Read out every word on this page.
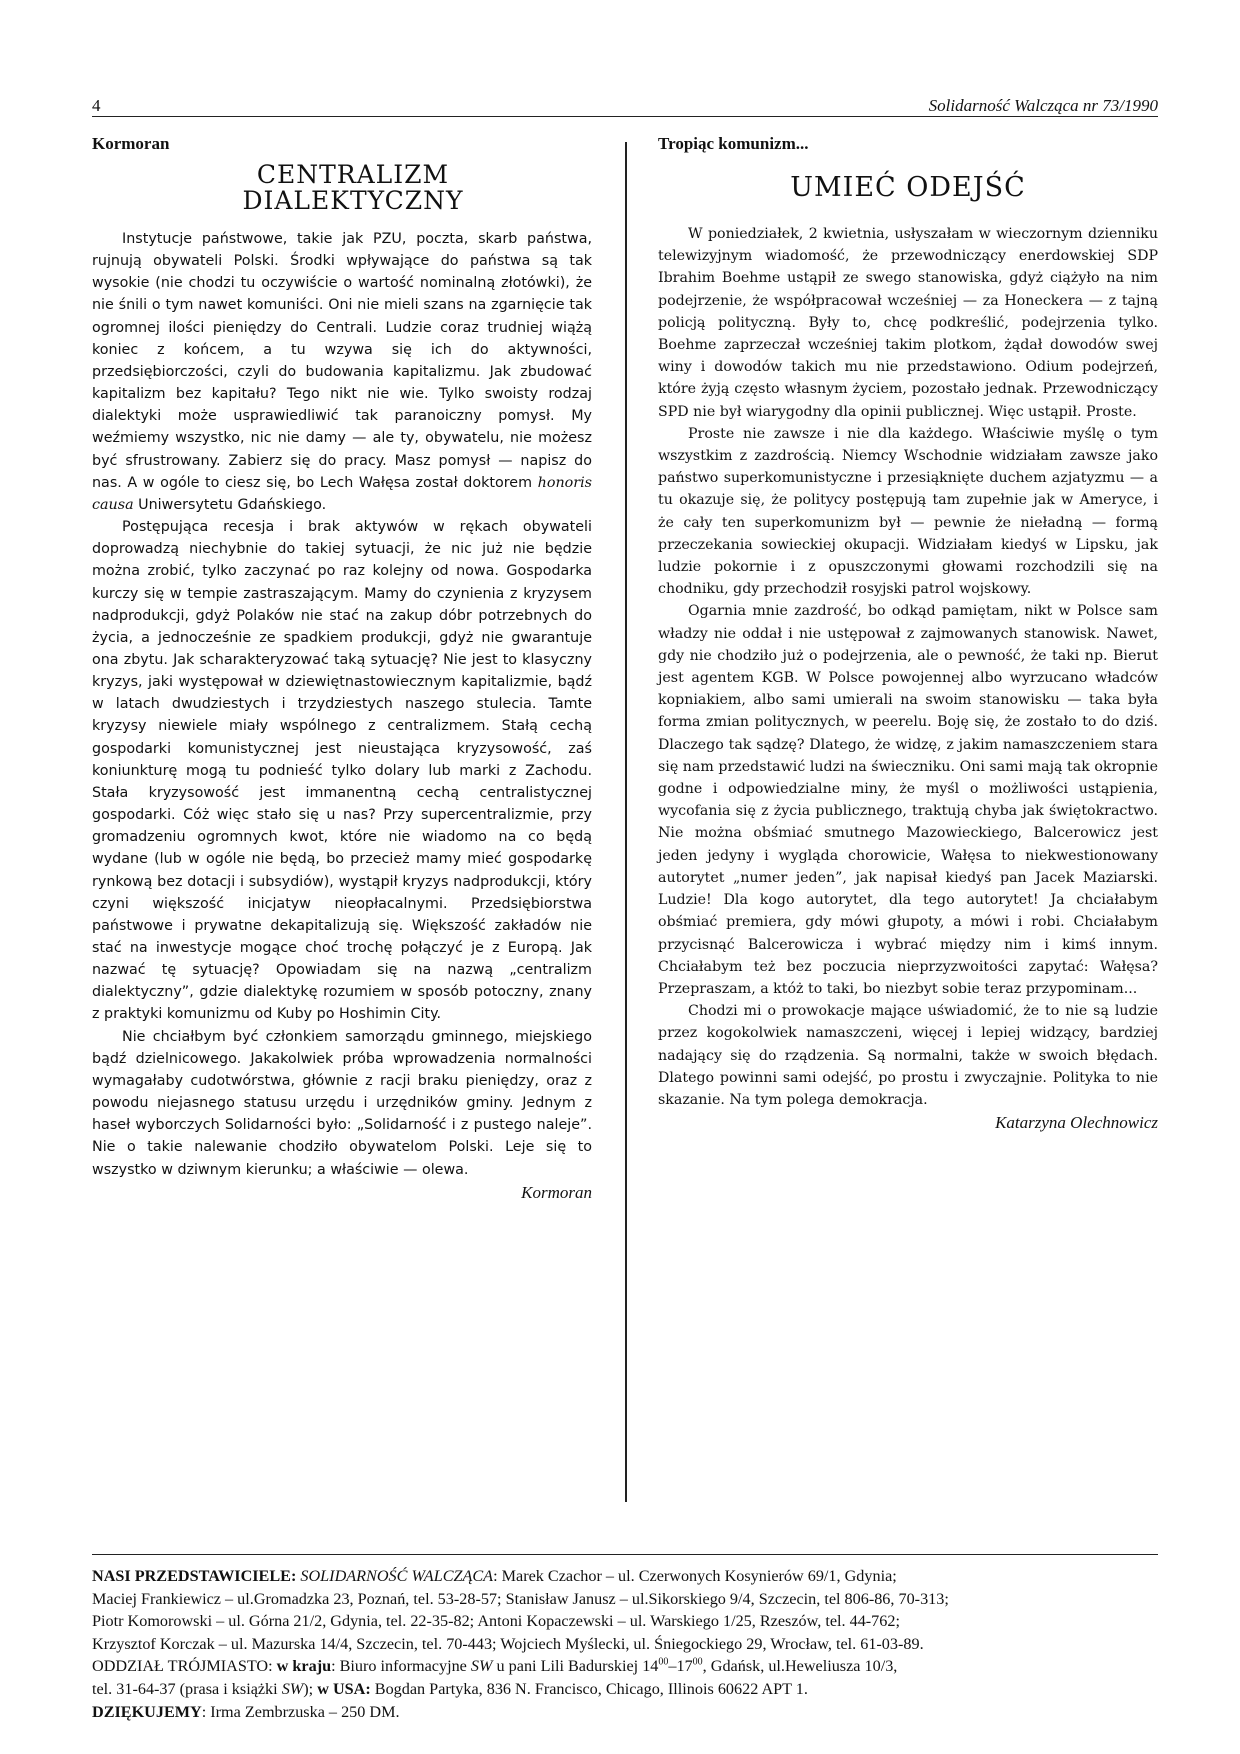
4	Solidarność Walcząca nr 73/1990
Kormoran
CENTRALIZM
DIALEKTYCZNY

Instytucje państwowe, takie jak PZU, poczta, skarb państwa, rujnują obywateli Polski. Środki wpływające do państwa są tak wysokie (nie chodzi tu oczywiście o wartość nominalną złotówki), że nie śnili o tym nawet komuniści. Oni nie mieli szans na zgarnięcie tak ogromnej ilości pieniędzy do Centrali. Ludzie coraz trudniej wiążą koniec z końcem, a tu wzywa się ich do aktywności, przedsiębiorczości, czyli do budowania kapitalizmu. Jak zbudować kapitalizm bez kapitału? Tego nikt nie wie. Tylko swoisty rodzaj dialektyki może usprawiedliwić tak paranoiczny pomysł. My weźmiemy wszystko, nic nie damy — ale ty, obywatelu, nie możesz być sfrustrowany. Zabierz się do pracy. Masz pomysł — napisz do nas. A w ogóle to ciesz się, bo Lech Wałęsa został doktorem honoris causa Uniwersytetu Gdańskiego.

Postępująca recesja i brak aktywów w rękach obywateli doprowadzą niechybnie do takiej sytuacji, że nic już nie będzie można zrobić, tylko zaczynać po raz kolejny od nowa. Gospodarka kurczy się w tempie zastraszającym. Mamy do czynienia z kryzysem nadprodukcji, gdyż Polaków nie stać na zakup dóbr potrzebnych do życia, a jednocześnie ze spadkiem produkcji, gdyż nie gwarantuje ona zbytu. Jak scharakteryzować taką sytuację? Nie jest to klasyczny kryzys, jaki występował w dziewiętnastowiecznym kapitalizmie, bądź w latach dwudziestych i trzydziestych naszego stulecia. Tamte kryzysy niewiele miały wspólnego z centralizmem. Stałą cechą gospodarki komunistycznej jest nieustająca kryzysowość, zaś koniunkturę mogą tu podnieść tylko dolary lub marki z Zachodu. Stała kryzysowość jest immanentną cechą centralistycznej gospodarki. Cóż więc stało się u nas? Przy supercentralizmie, przy gromadzeniu ogromnych kwot, które nie wiadomo na co będą wydane (lub w ogóle nie będą, bo przecież mamy mieć gospodarkę rynkową bez dotacji i subsydiów), wystąpił kryzys nadprodukcji, który czyni większość inicjatyw nieopłacalnymi. Przedsiębiorstwa państwowe i prywatne dekapitalizują się. Większość zakładów nie stać na inwestycje mogące choć trochę połączyć je z Europą. Jak nazwać tę sytuację? Opowiadam się na nazwą „centralizm dialektyczny”, gdzie dialektykę rozumiem w sposób potoczny, znany z praktyki komunizmu od Kuby po Hoshimin City.

Nie chciałbym być członkiem samorządu gminnego, miejskiego bądź dzielnicowego. Jakakolwiek próba wprowadzenia normalności wymagałaby cudotwórstwa, głównie z racji braku pieniędzy, oraz z powodu niejasnego statusu urzędu i urzędników gminy. Jednym z haseł wyborczych Solidarności było: „Solidarność i z pustego naleje”. Nie o takie nalewanie chodziło obywatelom Polski. Leje się to wszystko w dziwnym kierunku; a właściwie — olewa.

Kormoran
Tropiąc komunizm...
UMIEĆ ODEJŚĆ

W poniedziałek, 2 kwietnia, usłyszałam w wieczornym dzienniku telewizyjnym wiadomość, że przewodniczący enerdowskiej SDP Ibrahim Boehme ustąpił ze swego stanowiska, gdyż ciążyło na nim podejrzenie, że współpracował wcześniej — za Honeckera — z tajną policją polityczną. Były to, chcę podkreślić, podejrzenia tylko. Boehme zaprzeczał wcześniej takim plotkom, żądał dowodów swej winy i dowodów takich mu nie przedstawiono. Odium podejrzeń, które żyją często własnym życiem, pozostało jednak. Przewodniczący SPD nie był wiarygodny dla opinii publicznej. Więc ustąpił. Proste.

Proste nie zawsze i nie dla każdego. Właściwie myślę o tym wszystkim z zazdrością. Niemcy Wschodnie widziałam zawsze jako państwo superkomunistyczne i przesiąknięte duchem azjatyzmu — a tu okazuje się, że politycy postępują tam zupełnie jak w Ameryce, i że cały ten superkomunizm był — pewnie że nieładną — formą przeczekania sowieckiej okupacji. Widziałam kiedyś w Lipsku, jak ludzie pokornie i z opuszczonymi głowami rozchodzili się na chodniku, gdy przechodził rosyjski patrol wojskowy.

Ogarnia mnie zazdrość, bo odkąd pamiętam, nikt w Polsce sam władzy nie oddał i nie ustępował z zajmowanych stanowisk. Nawet, gdy nie chodziło już o podejrzenia, ale o pewność, że taki np. Bierut jest agentem KGB. W Polsce powojennej albo wyrzucano władców kopniakiem, albo sami umierali na swoim stanowisku — taka była forma zmian politycznych, w peerelu. Boję się, że zostało to do dziś. Dlaczego tak sądzę? Dlatego, że widzę, z jakim namaszczeniem stara się nam przedstawić ludzi na świeczniku. Oni sami mają tak okropnie godne i odpowiedzialne miny, że myśl o możliwości ustąpienia, wycofania się z życia publicznego, traktują chyba jak świętokractwo. Nie można obśmiać smutnego Mazowieckiego, Balcerowicz jest jeden jedyny i wygląda chorowicie, Wałęsa to niekwestionowany autorytet „numer jeden”, jak napisał kiedyś pan Jacek Maziarski. Ludzie! Dla kogo autorytet, dla tego autorytet! Ja chciałabym obśmiać premiera, gdy mówi głupoty, a mówi i robi. Chciałabym przycisnąć Balcerowicza i wybrać między nim i kimś innym. Chciałabym też bez poczucia nieprzyzwoitości zapytać: Wałęsa? Przepraszam, a któż to taki, bo niezbyt sobie teraz przypominam...

Chodzi mi o prowokacje mające uświadomić, że to nie są ludzie przez kogokolwiek namaszczeni, więcej i lepiej widzący, bardziej nadający się do rządzenia. Są normalni, także w swoich błędach. Dlatego powinni sami odejść, po prostu i zwyczajnie. Polityka to nie skazanie. Na tym polega demokracja.

Katarzyna Olechnowicz
NASI PRZEDSTAWICIELE: SOLIDARNOŚĆ WALCZĄCA: Marek Czachor – ul. Czerwonych Kosynierów 69/1, Gdynia;
Maciej Frankiewicz – ul.Gromadzka 23, Poznań, tel. 53-28-57; Stanisław Janusz – ul.Sikorskiego 9/4, Szczecin, tel 806-86, 70-313;
Piotr Komorowski – ul. Górna 21/2, Gdynia, tel. 22-35-82; Antoni Kopaczewski – ul. Warskiego 1/25, Rzeszów, tel. 44-762;
Krzysztof Korczak – ul. Mazurska 14/4, Szczecin, tel. 70-443; Wojciech Myślecki, ul. Śniegockiego 29, Wrocław, tel. 61-03-89.
ODDZIAŁ TRÓJMIASTO: w kraju: Biuro informacyjne SW u pani Lili Badurskiej $14^{00}-17^{00}$, Gdańsk, ul.Heweliusza 10/3,
tel. 31-64-37 (prasa i książki SW); w USA: Bogdan Partyka, 836 N. Francisco, Chicago, Illinois 60622 APT 1.
DZIĘKUJEMY: Irma Zembrzuska – 250 DM.
